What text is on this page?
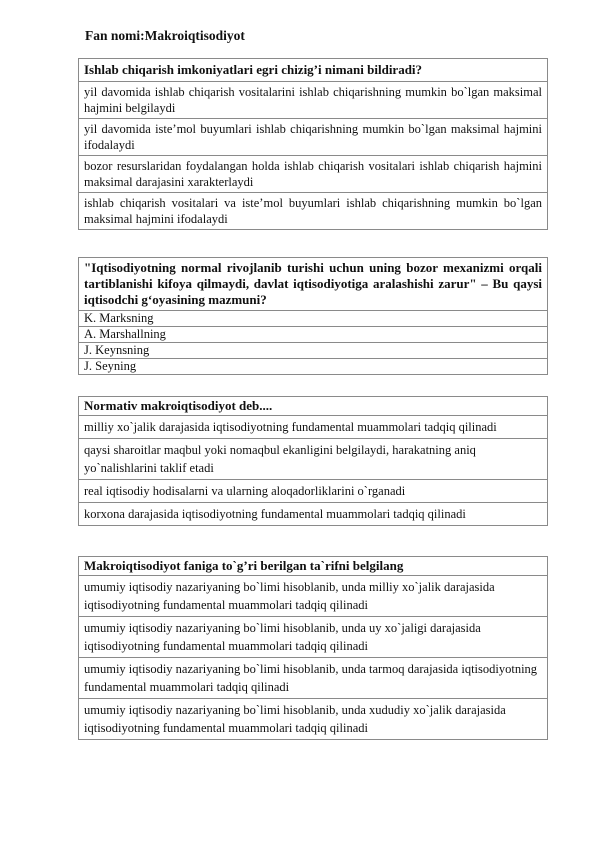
Fan nomi:Makroiqtisodiyot

Ishlab chiqarish imkoniyatlari egri chizig’i nimani bildiradi?
yil davomida ishlab chiqarish vositalarini ishlab chiqarishning mumkin bo`lgan maksimal hajmini belgilaydi
yil davomida iste’mol buyumlari ishlab chiqarishning mumkin bo`lgan maksimal hajmini ifodalaydi
bozor resurslaridan foydalangan holda ishlab chiqarish vositalari ishlab chiqarish hajmini maksimal darajasini xarakterlaydi
ishlab chiqarish vositalari va iste’mol buyumlari ishlab chiqarishning mumkin bo`lgan maksimal hajmini ifodalaydi
"Iqtisodiyotning normal rivojlanib turishi uchun uning bozor mexanizmi orqali tartiblanishi kifoya qilmaydi, davlat iqtisodiyotiga aralashishi zarur" – Bu qaysi iqtisodchi g‘oyasining mazmuni?
K. Marksning
A. Marshallning
J. Keynsning
J. Seyning
Normativ makroiqtisodiyot deb....
milliy xo`jalik darajasida iqtisodiyotning fundamental muammolari tadqiq qilinadi
qaysi sharoitlar maqbul yoki nomaqbul ekanligini belgilaydi, harakatning aniq yo`nalishlarini taklif etadi
real iqtisodiy hodisalarni va ularning aloqadorliklarini o`rganadi
korxona darajasida iqtisodiyotning fundamental muammolari tadqiq qilinadi
Makroiqtisodiyot faniga to`g’ri berilgan ta`rifni belgilang
umumiy iqtisodiy nazariyaning bo`limi hisoblanib, unda milliy xo`jalik darajasida iqtisodiyotning fundamental muammolari tadqiq qilinadi
umumiy iqtisodiy nazariyaning bo`limi hisoblanib, unda uy xo`jaligi darajasida iqtisodiyotning fundamental muammolari tadqiq qilinadi
umumiy iqtisodiy nazariyaning bo`limi hisoblanib, unda tarmoq darajasida iqtisodiyotning fundamental muammolari tadqiq qilinadi
umumiy iqtisodiy nazariyaning bo`limi hisoblanib, unda xududiy xo`jalik darajasida iqtisodiyotning fundamental muammolari tadqiq qilinadi
